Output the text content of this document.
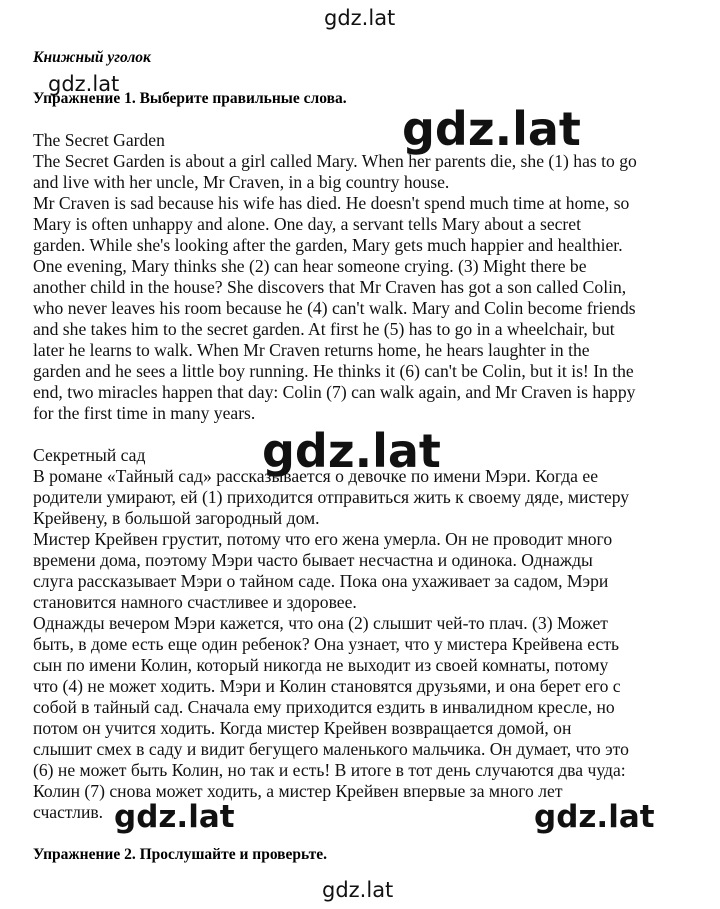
gdz.lat
Книжный уголок
gdz.lat
Упражнение 1. Выберите правильные слова.
The Secret Garden
The Secret Garden is about a girl called Mary. When her parents die, she (1) has to go
and live with her uncle, Mr Craven, in a big country house.
Mr Craven is sad because his wife has died. He doesn't spend much time at home, so
Mary is often unhappy and alone. One day, a servant tells Mary about a secret
garden. While she's looking after the garden, Mary gets much happier and healthier.
One evening, Mary thinks she (2) can hear someone crying. (3) Might there be
another child in the house? She discovers that Mr Craven has got a son called Colin,
who never leaves his room because he (4) can't walk. Mary and Colin become friends
and she takes him to the secret garden. At first he (5) has to go in a wheelchair, but
later he learns to walk. When Mr Craven returns home, he hears laughter in the
garden and he sees a little boy running. He thinks it (6) can't be Colin, but it is! In the
end, two miracles happen that day: Colin (7) can walk again, and Mr Craven is happy
for the first time in many years.
Секретный сад
В романе «Тайный сад» рассказывается о девочке по имени Мэри. Когда ее
родители умирают, ей (1) приходится отправиться жить к своему дяде, мистеру
Крейвену, в большой загородный дом.
Мистер Крейвен грустит, потому что его жена умерла. Он не проводит много
времени дома, поэтому Мэри часто бывает несчастна и одинока. Однажды
слуга рассказывает Мэри о тайном саде. Пока она ухаживает за садом, Мэри
становится намного счастливее и здоровее.
Однажды вечером Мэри кажется, что она (2) слышит чей-то плач. (3) Может
быть, в доме есть еще один ребенок? Она узнает, что у мистера Крейвена есть
сын по имени Колин, который никогда не выходит из своей комнаты, потому
что (4) не может ходить. Мэри и Колин становятся друзьями, и она берет его с
собой в тайный сад. Сначала ему приходится ездить в инвалидном кресле, но
потом он учится ходить. Когда мистер Крейвен возвращается домой, он
слышит смех в саду и видит бегущего маленького мальчика. Он думает, что это
(6) не может быть Колин, но так и есть! В итоге в тот день случаются два чуда:
Колин (7) снова может ходить, а мистер Крейвен впервые за много лет
счастлив.
gdz.lat
gdz.lat
gdz.lat	gdz.lat
Упражнение 2. Прослушайте и проверьте.
gdz.lat
